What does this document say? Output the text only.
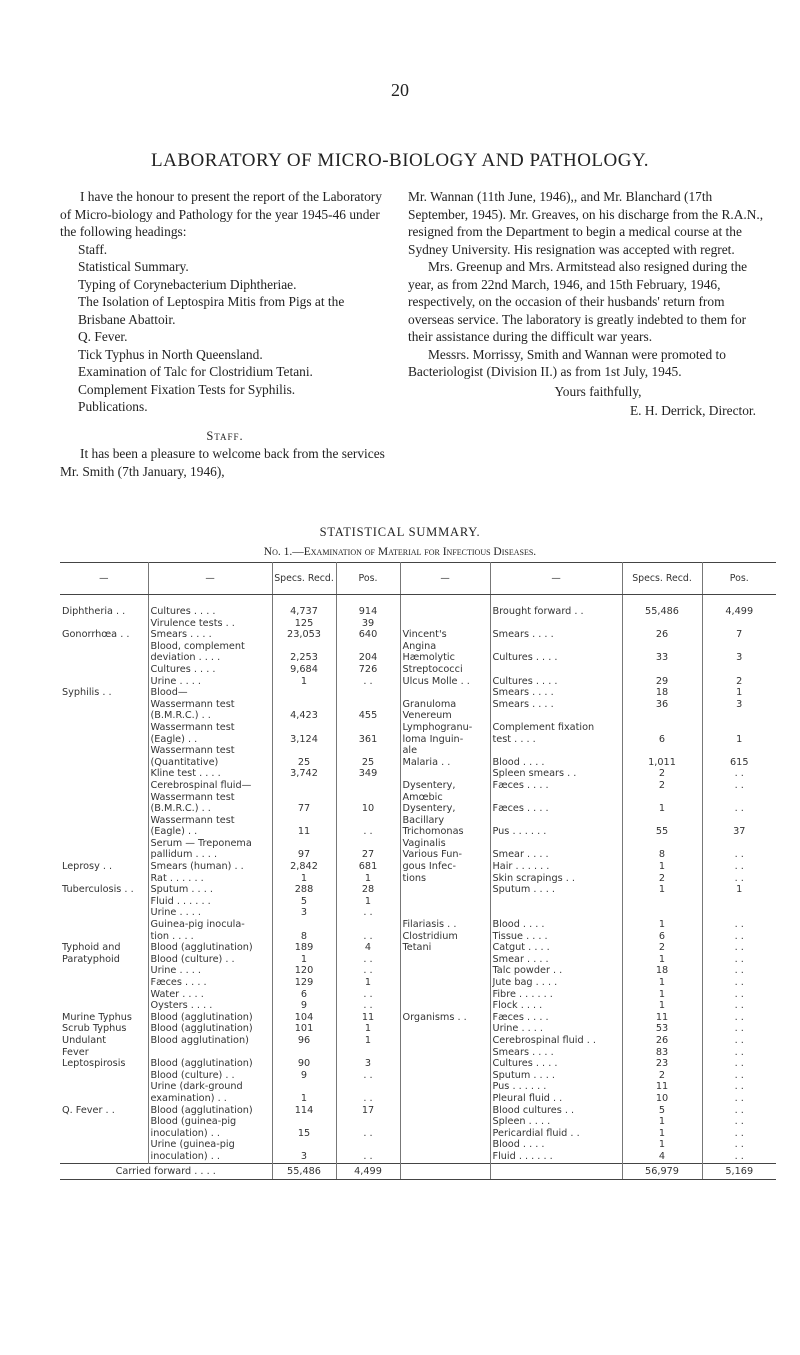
20
LABORATORY OF MICRO-BIOLOGY AND PATHOLOGY.

I have the honour to present the report of the Laboratory of Micro-biology and Pathology for the year 1945-46 under the following headings:

Staff.

Statistical Summary.

Typing of Corynebacterium Diphtheriae.

The Isolation of Leptospira Mitis from Pigs at the Brisbane Abattoir.

Q. Fever.

Tick Typhus in North Queensland.

Examination of Talc for Clostridium Tetani.

Complement Fixation Tests for Syphilis.

Publications.

Staff.

It has been a pleasure to welcome back from the services Mr. Smith (7th January, 1946),

Mr. Wannan (11th June, 1946),, and Mr. Blanchard (17th September, 1945). Mr. Greaves, on his discharge from the R.A.N., resigned from the Department to begin a medical course at the Sydney University. His resignation was accepted with regret.

Mrs. Greenup and Mrs. Armitstead also resigned during the year, as from 22nd March, 1946, and 15th February, 1946, respectively, on the occasion of their husbands' return from overseas service. The laboratory is greatly indebted to them for their assistance during the difficult war years.

Messrs. Morrissy, Smith and Wannan were promoted to Bacteriologist (Division II.) as from 1st July, 1945.

Yours faithfully,

E. H. Derrick, Director.

STATISTICAL SUMMARY.
No. 1.—Examination of Material for Infectious Diseases.
—	—	Specs. Recd.	Pos.	—	—	Specs. Recd.	Pos.
Diphtheria . .	Cultures . . . .	4,737	914		Brought forward . .	55,486	4,499
	Virulence tests . .	125	39				
Gonorrhœa . .	Smears . . . .	23,053	640	Vincent's	Smears . . . .	26	7
	Blood, complement			Angina			
	deviation . . . .	2,253	204	Hæmolytic	Cultures . . . .	33	3
	Cultures . . . .	9,684	726	Streptococci			
	Urine . . . .	1	. .	Ulcus Molle . .	Cultures . . . .	29	2
Syphilis . .	Blood—				Smears . . . .	18	1
	Wassermann test			Granuloma	Smears . . . .	36	3
	(B.M.R.C.) . .	4,423	455	Venereum			
	Wassermann test			Lymphogranu-	Complement fixation		
	(Eagle) . .	3,124	361	loma Inguin-	test . . . .	6	1
	Wassermann test			ale			
	(Quantitative)	25	25	Malaria . .	Blood . . . .	1,011	615
	Kline test . . . .	3,742	349		Spleen smears . .	2	. .
	Cerebrospinal fluid—			Dysentery,	Fæces . . . .	2	. .
	Wassermann test			Amœbic			
	(B.M.R.C.) . .	77	10	Dysentery,	Fæces . . . .	1	. .
	Wassermann test			Bacillary			
	(Eagle) . .	11	. .	Trichomonas	Pus . . . . . .	55	37
	Serum — Treponema			Vaginalis			
	pallidum . . . .	97	27	Various Fun-	Smear . . . .	8	. .
Leprosy . .	Smears (human) . .	2,842	681	gous Infec-	Hair . . . . . .	1	. .
	Rat . . . . . .	1	1	tions	Skin scrapings . .	2	. .
Tuberculosis . .	Sputum . . . .	288	28		Sputum . . . .	1	1
	Fluid . . . . . .	5	1				
	Urine . . . .	3	. .				
	Guinea-pig inocula-			Filariasis . .	Blood . . . .	1	. .
	tion . . . .	8	. .	Clostridium	Tissue . . . .	6	. .
Typhoid and	Blood (agglutination)	189	4	Tetani	Catgut . . . .	2	. .
Paratyphoid	Blood (culture) . .	1	. .		Smear . . . .	1	. .
	Urine . . . .	120	. .		Talc powder . .	18	. .
	Fæces . . . .	129	1		Jute bag . . . .	1	. .
	Water . . . .	6	. .		Fibre . . . . . .	1	. .
	Oysters . . . .	9	. .		Flock . . . .	1	. .
Murine Typhus	Blood (agglutination)	104	11	Organisms . .	Fæces . . . .	11	. .
Scrub Typhus	Blood (agglutination)	101	1		Urine . . . .	53	. .
Undulant	Blood agglutination)	96	1		Cerebrospinal fluid . .	26	. .
Fever					Smears . . . .	83	. .
Leptospirosis	Blood (agglutination)	90	3		Cultures . . . .	23	. .
	Blood (culture) . .	9	. .		Sputum . . . .	2	. .
	Urine (dark-ground				Pus . . . . . .	11	. .
	examination) . .	1	. .		Pleural fluid . .	10	. .
Q. Fever . .	Blood (agglutination)	114	17		Blood cultures . .	5	. .
	Blood (guinea-pig				Spleen . . . .	1	. .
	inoculation) . .	15	. .		Pericardial fluid . .	1	. .
	Urine (guinea-pig				Blood . . . .	1	. .
	inoculation) . .	3	. .		Fluid . . . . . .	4	. .
Carried forward . . . .		55,486	4,499			56,979	5,169
